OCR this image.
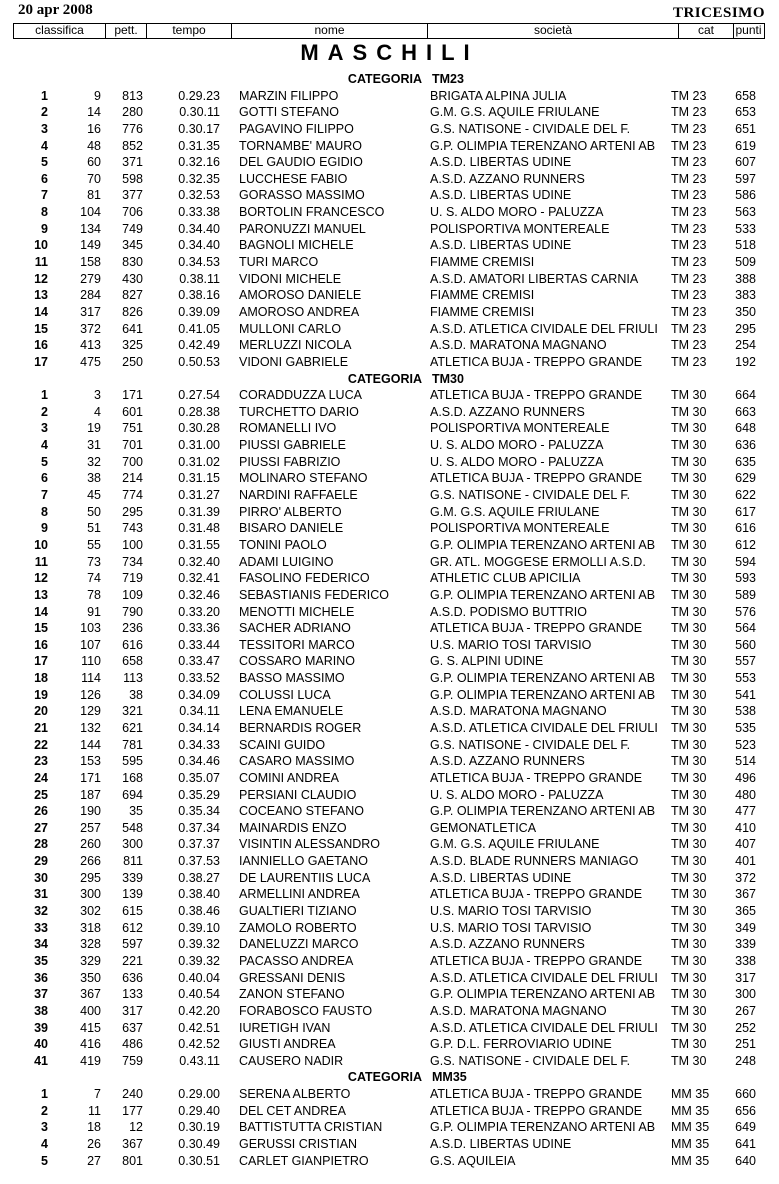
20 apr 2008	TRICESIMO
classifica	pett.	tempo	nome	società	cat	punti
MASCHILI
CATEGORIA TM23
1	9 813	0.29.23 MARZIN FILIPPO	BRIGATA ALPINA JULIA	TM 23 658
2	14 280	0.30.11 GOTTI STEFANO	G.M. G.S. AQUILE FRIULANE	TM 23 653
3	16 776	0.30.17 PAGAVINO FILIPPO	G.S. NATISONE - CIVIDALE DEL F.	TM 23 651
4	48 852	0.31.35 TORNAMBE' MAURO	G.P. OLIMPIA TERENZANO ARTENI AB TM 23 619
5	60 371	0.32.16 DEL GAUDIO EGIDIO	A.S.D. LIBERTAS UDINE	TM 23 607
6	70 598	0.32.35 LUCCHESE FABIO	A.S.D. AZZANO RUNNERS	TM 23 597
7	81 377	0.32.53 GORASSO MASSIMO	A.S.D. LIBERTAS UDINE	TM 23 586
8	104 706	0.33.38 BORTOLIN FRANCESCO	U. S. ALDO MORO - PALUZZA	TM 23 563
9	134 749	0.34.40 PARONUZZI MANUEL	POLISPORTIVA MONTEREALE	TM 23 533
10	149 345	0.34.40 BAGNOLI MICHELE	A.S.D. LIBERTAS UDINE	TM 23 518
11	158 830	0.34.53 TURI MARCO	FIAMME CREMISI	TM 23 509
12	279 430	0.38.11 VIDONI MICHELE	A.S.D. AMATORI LIBERTAS CARNIA	TM 23 388
13	284 827	0.38.16 AMOROSO DANIELE	FIAMME CREMISI	TM 23 383
14	317 826	0.39.09 AMOROSO ANDREA	FIAMME CREMISI	TM 23 350
15	372 641	0.41.05 MULLONI CARLO	A.S.D. ATLETICA CIVIDALE DEL FRIULI TM 23 295
16	413 325	0.42.49 MERLUZZI NICOLA	A.S.D. MARATONA MAGNANO	TM 23 254
17	475 250	0.50.53 VIDONI GABRIELE	ATLETICA BUJA - TREPPO GRANDE TM 23 192
CATEGORIA TM30
1	3 171	0.27.54 CORADDUZZA LUCA	ATLETICA BUJA - TREPPO GRANDE TM 30 664
2	4 601	0.28.38 TURCHETTO DARIO	A.S.D. AZZANO RUNNERS	TM 30 663
3	19 751	0.30.28 ROMANELLI IVO	POLISPORTIVA MONTEREALE	TM 30 648
4	31 701	0.31.00 PIUSSI GABRIELE	U. S. ALDO MORO - PALUZZA	TM 30 636
5	32 700	0.31.02 PIUSSI FABRIZIO	U. S. ALDO MORO - PALUZZA	TM 30 635
6	38 214	0.31.15 MOLINARO STEFANO	ATLETICA BUJA - TREPPO GRANDE TM 30 629
7	45 774	0.31.27 NARDINI RAFFAELE	G.S. NATISONE - CIVIDALE DEL F.	TM 30 622
8	50 295	0.31.39 PIRRO' ALBERTO	G.M. G.S. AQUILE FRIULANE	TM 30 617
9	51 743	0.31.48 BISARO DANIELE	POLISPORTIVA MONTEREALE	TM 30 616
10	55 100	0.31.55 TONINI PAOLO	G.P. OLIMPIA TERENZANO ARTENI AB TM 30 612
11	73 734	0.32.40 ADAMI LUIGINO	GR. ATL. MOGGESE ERMOLLI A.S.D. TM 30 594
12	74 719	0.32.41 FASOLINO FEDERICO	ATHLETIC CLUB APICILIA	TM 30 593
13	78 109	0.32.46 SEBASTIANIS FEDERICO	G.P. OLIMPIA TERENZANO ARTENI AB TM 30 589
14	91 790	0.33.20 MENOTTI MICHELE	A.S.D. PODISMO BUTTRIO	TM 30 576
15	103 236	0.33.36 SACHER ADRIANO	ATLETICA BUJA - TREPPO GRANDE TM 30 564
16	107 616	0.33.44 TESSITORI MARCO	U.S. MARIO TOSI TARVISIO	TM 30 560
17	110 658	0.33.47 COSSARO MARINO	G. S. ALPINI UDINE	TM 30 557
18	114 113	0.33.52 BASSO MASSIMO	G.P. OLIMPIA TERENZANO ARTENI AB TM 30 553
19	126 38	0.34.09 COLUSSI LUCA	G.P. OLIMPIA TERENZANO ARTENI AB TM 30 541
20	129 321	0.34.11 LENA EMANUELE	A.S.D. MARATONA MAGNANO	TM 30 538
21	132 621	0.34.14 BERNARDIS ROGER	A.S.D. ATLETICA CIVIDALE DEL FRIULI TM 30 535
22	144 781	0.34.33 SCAINI GUIDO	G.S. NATISONE - CIVIDALE DEL F.	TM 30 523
23	153 595	0.34.46 CASARO MASSIMO	A.S.D. AZZANO RUNNERS	TM 30 514
24	171 168	0.35.07 COMINI ANDREA	ATLETICA BUJA - TREPPO GRANDE TM 30 496
25	187 694	0.35.29 PERSIANI CLAUDIO	U. S. ALDO MORO - PALUZZA	TM 30 480
26	190 35	0.35.34 COCEANO STEFANO	G.P. OLIMPIA TERENZANO ARTENI AB TM 30 477
27	257 548	0.37.34 MAINARDIS ENZO	GEMONATLETICA	TM 30 410
28	260 300	0.37.37 VISINTIN ALESSANDRO	G.M. G.S. AQUILE FRIULANE	TM 30 407
29	266 811	0.37.53 IANNIELLO GAETANO	A.S.D. BLADE RUNNERS MANIAGO	TM 30 401
30	295 339	0.38.27 DE LAURENTIIS LUCA	A.S.D. LIBERTAS UDINE	TM 30 372
31	300 139	0.38.40 ARMELLINI ANDREA	ATLETICA BUJA - TREPPO GRANDE TM 30 367
32	302 615	0.38.46 GUALTIERI TIZIANO	U.S. MARIO TOSI TARVISIO	TM 30 365
33	318 612	0.39.10 ZAMOLO ROBERTO	U.S. MARIO TOSI TARVISIO	TM 30 349
34	328 597	0.39.32 DANELUZZI MARCO	A.S.D. AZZANO RUNNERS	TM 30 339
35	329 221	0.39.32 PACASSO ANDREA	ATLETICA BUJA - TREPPO GRANDE TM 30 338
36	350 636	0.40.04 GRESSANI DENIS	A.S.D. ATLETICA CIVIDALE DEL FRIULI TM 30 317
37	367 133	0.40.54 ZANON STEFANO	G.P. OLIMPIA TERENZANO ARTENI AB TM 30 300
38	400 317	0.42.20 FORABOSCO FAUSTO	A.S.D. MARATONA MAGNANO	TM 30 267
39	415 637	0.42.51 IURETIGH IVAN	A.S.D. ATLETICA CIVIDALE DEL FRIULI TM 30 252
40	416 486	0.42.52 GIUSTI ANDREA	G.P. D.L. FERROVIARIO UDINE	TM 30 251
41	419 759	0.43.11 CAUSERO NADIR	G.S. NATISONE - CIVIDALE DEL F.	TM 30 248
CATEGORIA MM35
1	7 240	0.29.00 SERENA ALBERTO	ATLETICA BUJA - TREPPO GRANDE MM 35 660
2	11 177	0.29.40 DEL CET ANDREA	ATLETICA BUJA - TREPPO GRANDE MM 35 656
3	18 12	0.30.19 BATTISTUTTA CRISTIAN	G.P. OLIMPIA TERENZANO ARTENI AB MM 35 649
4	26 367	0.30.49 GERUSSI CRISTIAN	A.S.D. LIBERTAS UDINE	MM 35 641
5	27 801	0.30.51 CARLET GIANPIETRO	G.S. AQUILEIA	MM 35 640
